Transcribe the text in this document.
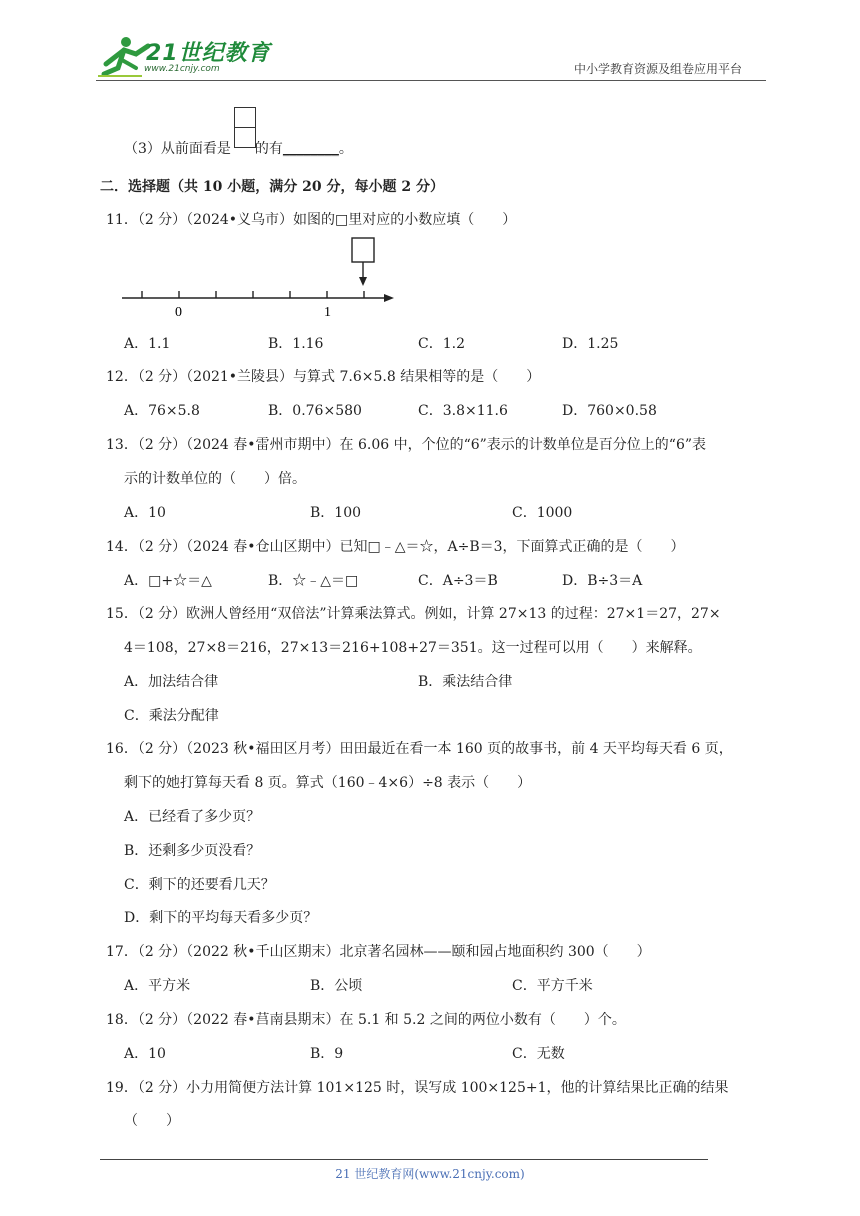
21世纪教育
www.21cnjy.com	中小学教育资源及组卷应用平台
（3）从前面看是 的有________。
二．选择题（共 10 小题，满分 20 分，每小题 2 分）
11．（2 分）（2024•义乌市）如图的□里对应的小数应填（　　）
0	1
A．1.1	B．1.16	C．1.2	D．1.25
12．（2 分）（2021•兰陵县）与算式 7.6×5.8 结果相等的是（　　）
A．76×5.8	B．0.76×580	C．3.8×11.6	D．760×0.58
13．（2 分）（2024 春•雷州市期中）在 6.06 中，个位的“6”表示的计数单位是百分位上的“6”表
示的计数单位的（　　）倍。
A．10	B．100	C．1000
14．（2 分）（2024 春•仓山区期中）已知□﹣△＝☆，A÷B＝3，下面算式正确的是（　　）
A．□+☆＝△	B．☆﹣△＝□	C．A÷3＝B	D．B÷3＝A
15．（2 分）欧洲人曾经用“双倍法”计算乘法算式。例如，计算 27×13 的过程：27×1＝27，27×
4＝108，27×8＝216，27×13＝216+108+27＝351。这一过程可以用（　　）来解释。
A．加法结合律	B．乘法结合律
C．乘法分配律
16．（2 分）（2023 秋•福田区月考）田田最近在看一本 160 页的故事书，前 4 天平均每天看 6 页，
剩下的她打算每天看 8 页。算式（160﹣4×6）÷8 表示（　　）
A．已经看了多少页？
B．还剩多少页没看？
C．剩下的还要看几天？
D．剩下的平均每天看多少页？
17．（2 分）（2022 秋•千山区期末）北京著名园林——颐和园占地面积约 300（　　）
A．平方米	B．公顷	C．平方千米
18．（2 分）（2022 春•莒南县期末）在 5.1 和 5.2 之间的两位小数有（　　）个。
A．10	B．9	C．无数
19．（2 分）小力用简便方法计算 101×125 时，误写成 100×125+1，他的计算结果比正确的结果
（　　）
21 世纪教育网(www.21cnjy.com)
